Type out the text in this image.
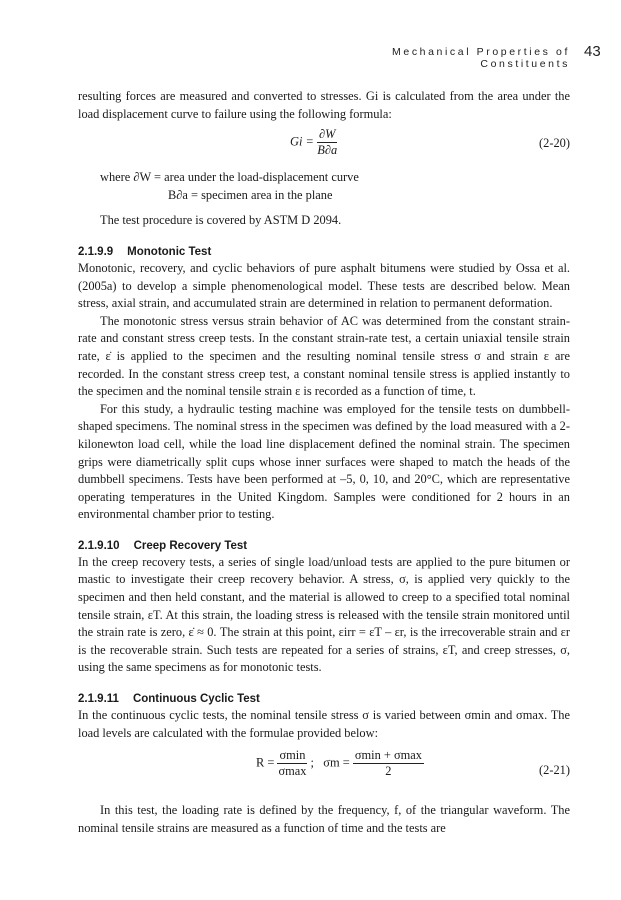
Mechanical Properties of Constituents
43

resulting forces are measured and converted to stresses. Gi is calculated from the area under the load displacement curve to failure using the following formula:

$Gi = \frac{\partial W}{B\partial a}$	(2-20)

where ∂W = area under the load-displacement curve

B∂a = specimen area in the plane

The test procedure is covered by ASTM D 2094.

2.1.9.9 Monotonic Test

Monotonic, recovery, and cyclic behaviors of pure asphalt bitumens were studied by Ossa et al. (2005a) to develop a simple phenomenological model. These tests are described below. Mean stress, axial strain, and accumulated strain are determined in relation to permanent deformation.

The monotonic stress versus strain behavior of AC was determined from the constant strain-rate and constant stress creep tests. In the constant strain-rate test, a certain uniaxial tensile strain rate, ε̇ is applied to the specimen and the resulting nominal tensile stress σ and strain ε are recorded. In the constant stress creep test, a constant nominal tensile stress is applied instantly to the specimen and the nominal tensile strain ε is recorded as a function of time, t.

For this study, a hydraulic testing machine was employed for the tensile tests on dumbbell-shaped specimens. The nominal stress in the specimen was defined by the load measured with a 2-kilonewton load cell, while the load line displacement defined the nominal strain. The specimen grips were diametrically split cups whose inner surfaces were shaped to match the heads of the dumbbell specimens. Tests have been performed at –5, 0, 10, and 20°C, which are representative operating temperatures in the United Kingdom. Samples were conditioned for 2 hours in an environmental chamber prior to testing.

2.1.9.10 Creep Recovery Test

In the creep recovery tests, a series of single load/unload tests are applied to the pure bitumen or mastic to investigate their creep recovery behavior. A stress, σ, is applied very quickly to the specimen and then held constant, and the material is allowed to creep to a specified total nominal tensile strain, εT. At this strain, the loading stress is released with the tensile strain monitored until the strain rate is zero, ε̇ ≈ 0. The strain at this point, εirr = εT – εr, is the irrecoverable strain and εr is the recoverable strain. Such tests are repeated for a series of strains, εT, and creep stresses, σ, using the same specimens as for monotonic tests.

2.1.9.11 Continuous Cyclic Test

In the continuous cyclic tests, the nominal tensile stress σ is varied between σmin and σmax. The load levels are calculated with the formulae provided below:

$R = \frac{\sigma\min}{\sigma\max}$ ; $\sigma m = \frac{\sigma\min + \sigma\max}{2}$	(2-21)

In this test, the loading rate is defined by the frequency, f, of the triangular waveform. The nominal tensile strains are measured as a function of time and the tests are
